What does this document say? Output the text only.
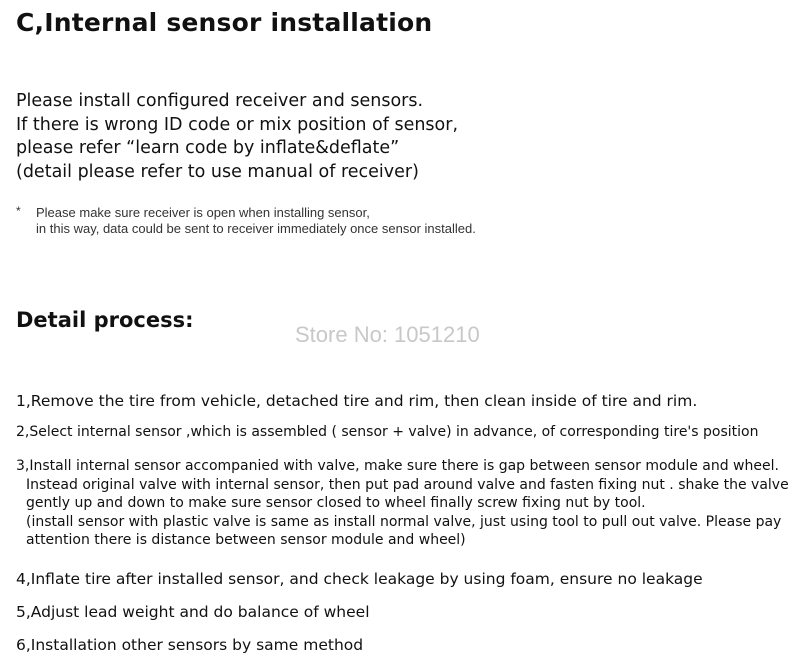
C,Internal sensor installation
Please install configured receiver and sensors.
If there is wrong ID code or mix position of sensor,
please refer “learn code by inflate&deflate”
(detail please refer to use manual of receiver)
* Please make sure receiver is open when installing sensor,
in this way, data could be sent to receiver immediately once sensor installed.
Detail process:
Store No: 1051210
1,Remove the tire from vehicle, detached tire and rim, then clean inside of tire and rim.
2,Select internal sensor ,which is assembled ( sensor + valve) in advance, of corresponding tire's position
3,Install internal sensor accompanied with valve, make sure there is gap between sensor module and wheel.
Instead original valve with internal sensor, then put pad around valve and fasten fixing nut . shake the valve
gently up and down to make sure sensor closed to wheel finally screw fixing nut by tool.
(install sensor with plastic valve is same as install normal valve, just using tool to pull out valve. Please pay
attention there is distance between sensor module and wheel)
4,Inflate tire after installed sensor, and check leakage by using foam, ensure no leakage
5,Adjust lead weight and do balance of wheel
6,Installation other sensors by same method
